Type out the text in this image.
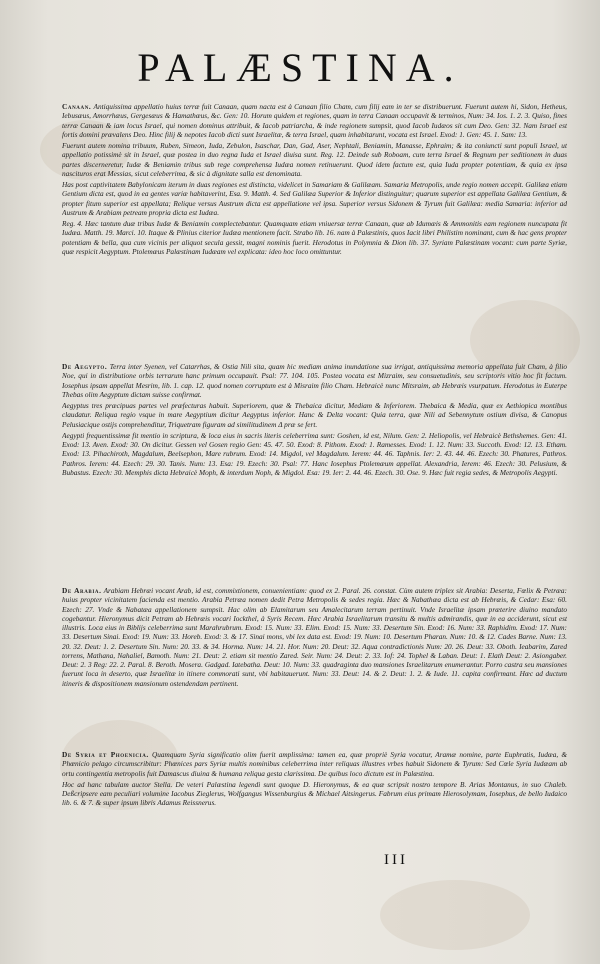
PALÆSTINA.

Canaan. Antiquissima appellatio huius terræ fuit Canaan, quam nacta est à Canaan filio Cham, cum filij eam in ter se distribuerunt. Fuerunt autem hi, Sidon, Hetheus, Iebusæus, Amorrhæus, Gergesæus & Hamathæus, &c. Gen: 10. Horum quidem et regiones, quam in terra Canaan occupavit & terminos, Num: 34. Ios. 1. 2. 3. Quiso, fines terræ Canaan & iam locus Israel, qui nomen dominus attribuit, & Iacob patriarcha, & inde regionem sumpsit, quod Iacob Iudæos sit cum Deo. Gen: 32. Nam Israel est fortis domini prævalens Deo. Hinc filij & nepotes Iacob dicti sunt Israelitæ, & terra Israel, quam inhabitarunt, vocata est Israel. Exod: 1. Gen: 45. 1. Sam: 13.

Fuerunt autem nomina tribuum, Ruben, Simeon, Iuda, Zebulon, Isaschar, Dan, Gad, Aser, Nephtali, Beniamin, Manasse, Ephraim; & ita coniuncti sunt populi Israel, ut appellatio potissimè sit in Israel, quæ postea in duo regna Iuda et Israel diuisa sunt. Reg. 12. Deinde sub Roboam, cum terra Israel & Regnum per seditionem in duas partes discerneretur, Iudæ & Beniamin tribus sub rege comprehensa Iudæa nomen retinuerunt. Quod idem factum est, quia Iuda propter potentiam, & quia ex ipsa nascituros erat Messias, sicut celeberrima, & sic à dignitate salla est denominata.

Has post captivitatem Babylonicam iterum in duas regiones est distincta, videlicet in Samariam & Galilæam. Samaria Metropolis, unde regio nomen accepit. Galilæa etiam Gentium dicta est, quod in ea gentes variæ habitaverint, Esa. 9. Matth. 4. Sed Galilæa Superior & Inferior distinguitur; quarum superior est appellata Galilæa Gentium, & propter fitum superior est appellata; Relique versus Austrum dicta est appellatione vel ipsa. Superior versus Sidonem & Tyrum fuit Galilæa: media Samaria: inferior ad Austrum & Arabiam petream propria dicta est Iudæa.

Reg. 4. Hæc tantum duæ tribus Iudæ & Beniamin complectebantur. Quamquam etiam vniuersæ terræ Canaan, quæ ab Idumæis & Ammonitis eam regionem nuncupata fit Iudæa. Matth. 19. Marci. 10. Itaque & Plinius citerior Iudæa mentionem facit. Strabo lib. 16. nam à Palæstinis, quos Iacit libri Philistim nominant, cum & hac gens propter potentiam & bella, qua cum vicinis per aliquot secula gessit, magni nominis fuerit. Herodotus in Polymnia & Dion lib. 37. Syriam Palæstinam vocant: cum parte Syriæ, quæ respicit Aegyptum. Ptolemæus Palæstinam Iudæam vel explicata: ideo hoc loco omittuntur.

De Aegypto. Terra inter Syenen, vel Catarrhas, & Ostia Nili sita, quam hic mediam anima inundatione sua irrigat, antiquissima memoria appellata fuit Cham, à filio Noe, qui in distributione orbis terrarum hanc primum occupauit. Psal: 77. 104. 105. Postea vocata est Mizraim, seu consuetudinis, seu scriptoris vitio hoc fit factum. Iosephus ipsam appellat Mesrim, lib. 1. cap. 12. quod nomen corruptum est à Misraim filio Cham. Hebraicè nunc Mitsraim, ab Hebræis vsurpatum. Herodotus in Euterpe Thebas olim Aegyptum dictam suisse confirmat.

Aegyptus tres præcipuas partes vel præfecturas habuit. Superiorem, quæ & Thebaica dicitur, Mediam & Inferiorem. Thebaica & Media, quæ ex Aethiopica montibus claudatur. Reliqua regio vsque in mare Aegyptium dicitur Aegyptus inferior. Hanc & Delta vocant: Quia terra, quæ Nili ad Sebennytum ostium divisa, & Canopus Pelusiacique ostijs comprehenditur, Triquetram figuram ad similitudinem Δ præ se fert.

Aegypti frequentissimæ fit mentio in scriptura, & loca eius in sacris literis celeberrima sunt: Goshen, id est, Nilum. Gen: 2. Heliopolis, vel Hebraicè Bethshemes. Gen: 41. Exod: 13. Aven. Exod: 30. On dicitur. Gessen vel Gosen regio Gen: 45. 47. 50. Exod: 8. Pithom. Exod: 1. Ramesses. Exod: 1. 12. Num: 33. Succoth. Exod: 12. 13. Etham. Exod: 13. Pihachiroth, Magdalum, Beelsephon, Mare rubrum. Exod: 14. Migdol, vel Magdalum. Ierem: 44. 46. Taphnis. Ier: 2. 43. 44. 46. Ezech: 30. Phatures, Pathros. Pathros. Ierem: 44. Ezech: 29. 30. Tanis. Num: 13. Esa: 19. Ezech: 30. Psal: 77. Hanc Iosephus Ptolemæum appellat. Alexandria, Ierem: 46. Ezech: 30. Pelusium, & Bubastus. Ezech: 30. Memphis dicta Hebraicè Moph, & interdum Noph, & Migdol. Esa: 19. Ier: 2. 44. 46. Ezech. 30. Ose. 9. Hæc fuit regia sedes, & Metropolis Aegypti.

De Arabia. Arabiam Hebræi vocant Arab, id est, commixtionem, conuenientiam: quod ex 2. Paral. 26. constat. Cùm autem triplex sit Arabia: Deserta, Fœlix & Petræa: huius propter vicinitatem facienda est mentio. Arabia Petræa nomen dedit Petra Metropolis & sedes regia. Hæc & Nabathæa dicta est ab Hebræis, & Cedar: Esa: 60. Ezech: 27. Vnde & Nabatæa appellationem sumpsit. Hac olim ab Elamitarum seu Amalecitarum terram pertinuit. Vnde Israelitæ ipsam præterire diuino mandato cogebantur. Hieronymus dicit Petram ab Hebræis vocari Iockthel, à Syris Recem. Hæc Arabia Israelitarum transitu & multis admirandis, quæ in ea acciderunt, sicut est illustris. Loca eius in Biblijs celeberrima sunt Marahrubrum. Exod: 15. Num: 33. Elim. Exod: 15. Num: 33. Desertum Sin. Exod: 16. Num: 33. Raphidim. Exod: 17. Num: 33. Desertum Sinai. Exod: 19. Num: 33. Horeb. Exod: 3. & 17. Sinai mons, vbi lex data est. Exod: 19. Num: 10. Desertum Pharan. Num: 10. & 12. Cades Barne. Num: 13. 20. 32. Deut: 1. 2. Desertum Sin. Num: 20. 33. & 34. Horma. Num: 14. 21. Hor. Num: 20. Deut: 32. Aqua contradictionis Num: 20. 26. Deut: 33. Oboth. Ieabarim, Zared torrens, Mathana, Nahaliel, Bamoth. Num: 21. Deut: 2. etiam sit mentio Zared. Seir. Num: 24. Deut: 2. 33. Iof: 24. Tophel & Laban. Deut: 1. Elath Deut: 2. Asiongaber. Deut: 2. 3 Reg: 22. 2. Paral. 8. Beroth. Mosera. Gadgad. Iatebatha. Deut: 10. Num: 33. quadraginta duo mansiones Israelitarum enumerantur. Porro castra seu mansiones fuerunt loca in deserto, quæ Israelitæ in itinere commorati sunt, vbi habitauerunt. Num: 33. Deut: 14. & 2. Deut: 1. 2. & Iude. 11. capita confirmant. Hæc ad ductum itineris & dispositionem mansionum ostendendam pertinent.

De Syria et Phoenicia. Quamquam Syria significatio olim fuerit amplissima: tamen ea, quæ propriè Syria vocatur, Aramæ nomine, parte Euphratis, Iudæa, & Phœnicio pelago circumscribitur: Phœnices pars Syriæ multis nominibus celeberrima inter reliquas illustres vrbes habuit Sidonem & Tyrum: Sed Cœle Syria Iudæam ab ortu contingentia metropolis fuit Damascus diuina & humana reliqua gesta clarissima. De quibus loco dictum est in Palæstina.

Hoc ad hanc tabulam auctor Stella. De veteri Palæstina legendi sunt quoque D. Hieronymus, & ea quæ scripsit nostro tempore B. Arias Montanus, in suo Chaleb. Deßcripsere eam peculiari volumine Iacobus Zieglerus, Wolfgangus Wissenburgius & Michael Aitsingerus. Fabrum eius primam Hierosolymam, Iosephus, de bello Iudaico lib. 6. & 7. & super ipsum libris Adamus Reissnerus.

III
